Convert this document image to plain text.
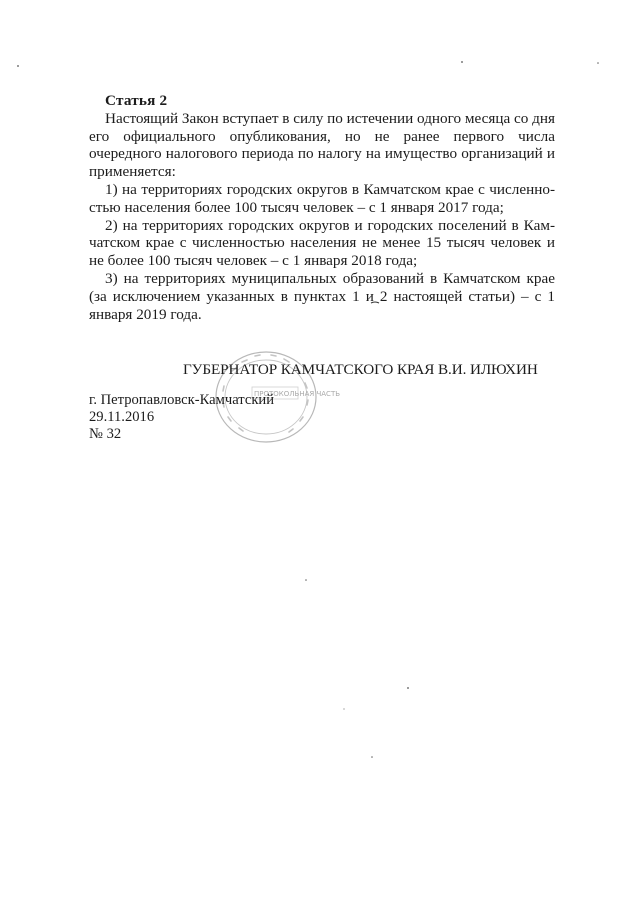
Статья 2

Настоящий Закон вступает в силу по истечении одного месяца со дня его официального опубликования, но не ранее первого числа очередного налогового периода по налогу на имущество организаций и применяется:

1) на территориях городских округов в Камчатском крае с численностью населения более 100 тысяч человек – с 1 января 2017 года;

2) на территориях городских округов и городских поселений в Камчатском крае с численностью населения не менее 15 тысяч человек и не более 100 тысяч человек – с 1 января 2018 года;

3) на территориях муниципальных образований в Камчатском крае (за исключением указанных в пунктах 1 и 2 настоящей статьи) – с 1 января 2019 года.

ПРОТОКОЛЬНАЯ ЧАСТЬ
ГУБЕРНАТОР КАМЧАТСКОГО КРАЯ В.И. ИЛЮХИН
г. Петропавловск-Камчатский
29.11.2016
№ 32
